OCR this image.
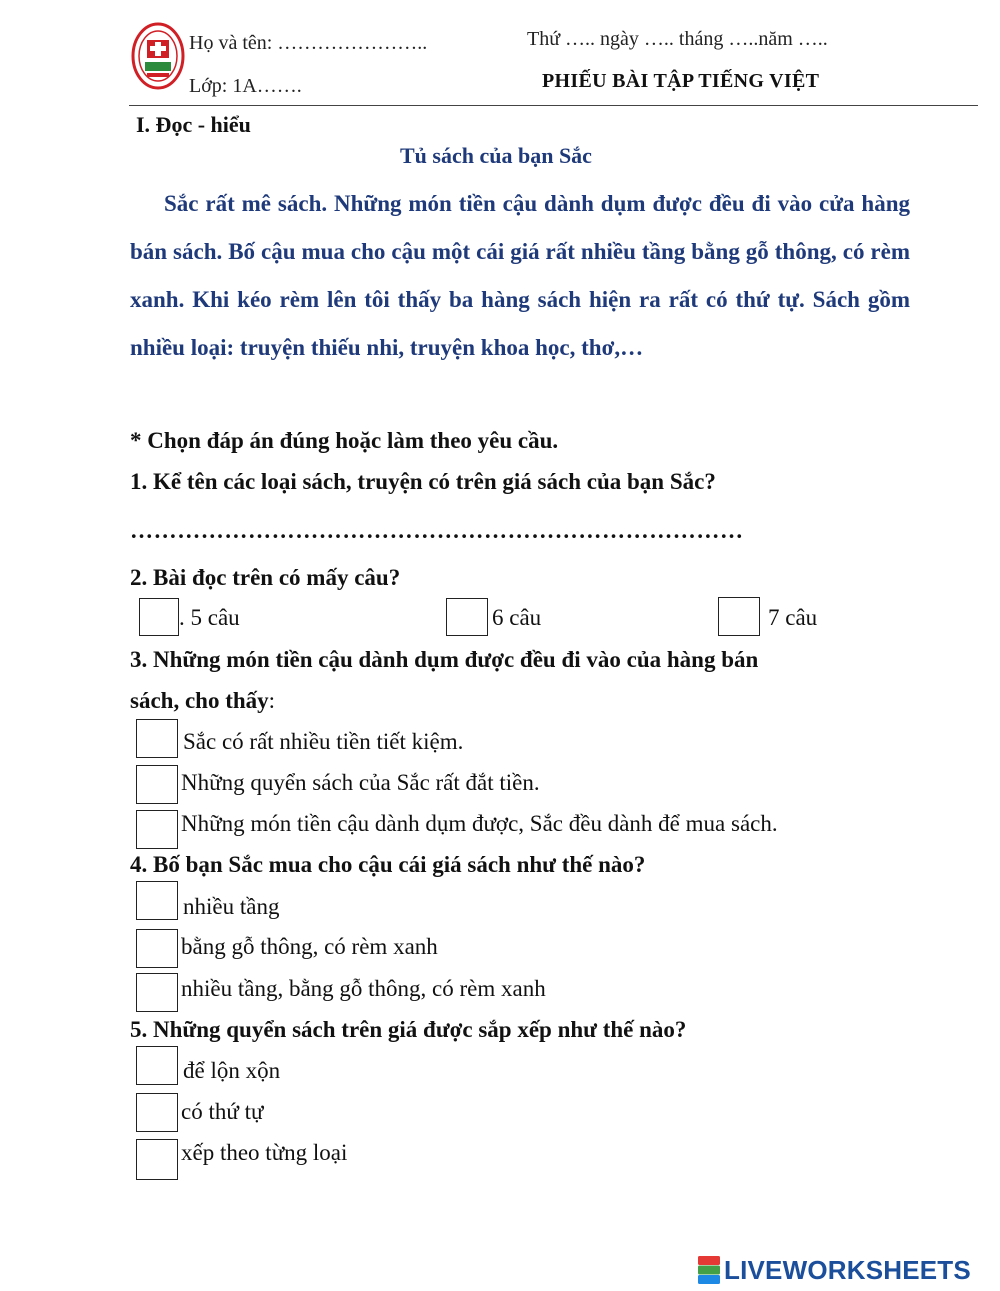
Họ và tên: …………………..
Lớp: 1A…….
Thứ ….. ngày ….. tháng …..năm …..
PHIẾU BÀI TẬP TIẾNG VIỆT
I. Đọc - hiểu
Tủ sách của bạn Sắc

Sắc rất mê sách. Những món tiền cậu dành dụm được đều đi vào cửa hàng bán sách. Bố cậu mua cho cậu một cái giá rất nhiều tầng bằng gỗ thông, có rèm xanh. Khi kéo rèm lên tôi thấy ba hàng sách hiện ra rất có thứ tự. Sách gồm nhiều loại: truyện thiếu nhi, truyện khoa học, thơ,…

* Chọn đáp án đúng hoặc làm theo yêu cầu.
1. Kể tên các loại sách, truyện có trên giá sách của bạn Sắc?
……………………………………………………………………
2. Bài đọc trên có mấy câu?
. 5 câu	6 câu	7 câu
3. Những món tiền cậu dành dụm được đều đi vào của hàng bán
sách, cho thấy:
Sắc có rất nhiều tiền tiết kiệm.
Những quyển sách của Sắc rất đắt tiền.
Những món tiền cậu dành dụm được, Sắc đều dành để mua sách.
4. Bố bạn Sắc mua cho cậu cái giá sách như thế nào?
nhiều tầng
bằng gỗ thông, có rèm xanh
nhiều tầng, bằng gỗ thông, có rèm xanh
5. Những quyển sách trên giá được sắp xếp như thế nào?
để lộn xộn
có thứ tự
xếp theo từng loại
LIVEWORKSHEETS
